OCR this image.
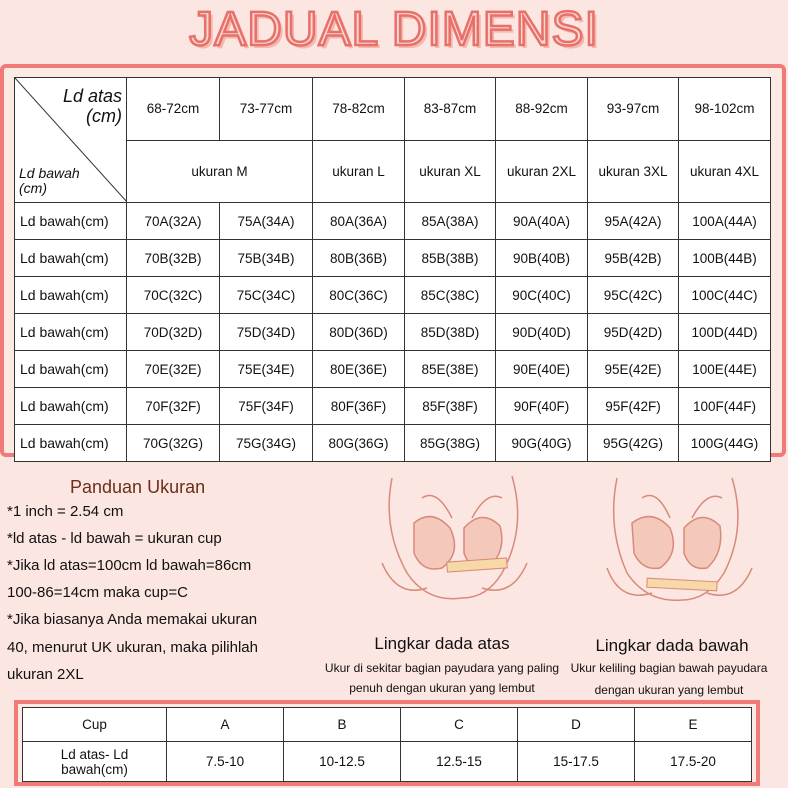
JADUAL DIMENSI
Ld atas
(cm)
Ld bawah
(cm)	68-72cm	73-77cm	78-82cm	83-87cm	88-92cm	93-97cm	98-102cm
	ukuran M		ukuran L	ukuran XL	ukuran 2XL	ukuran 3XL	ukuran 4XL
Ld bawah(cm)	70A(32A)	75A(34A)	80A(36A)	85A(38A)	90A(40A)	95A(42A)	100A(44A)
Ld bawah(cm)	70B(32B)	75B(34B)	80B(36B)	85B(38B)	90B(40B)	95B(42B)	100B(44B)
Ld bawah(cm)	70C(32C)	75C(34C)	80C(36C)	85C(38C)	90C(40C)	95C(42C)	100C(44C)
Ld bawah(cm)	70D(32D)	75D(34D)	80D(36D)	85D(38D)	90D(40D)	95D(42D)	100D(44D)
Ld bawah(cm)	70E(32E)	75E(34E)	80E(36E)	85E(38E)	90E(40E)	95E(42E)	100E(44E)
Ld bawah(cm)	70F(32F)	75F(34F)	80F(36F)	85F(38F)	90F(40F)	95F(42F)	100F(44F)
Ld bawah(cm)	70G(32G)	75G(34G)	80G(36G)	85G(38G)	90G(40G)	95G(42G)	100G(44G)
Panduan Ukuran
*1 inch = 2.54 cm
*ld atas - ld bawah = ukuran cup
*Jika ld atas=100cm ld bawah=86cm
100-86=14cm maka cup=C
*Jika biasanya Anda memakai ukuran
40, menurut UK ukuran, maka pilihlah
ukuran 2XL
Lingkar dada atas
Ukur di sekitar bagian payudara yang paling
penuh dengan ukuran yang lembut
Lingkar dada bawah
Ukur keliling bagian bawah payudara
dengan ukuran yang lembut
Cup	A	B	C	D	E

Ld atas- Ld
bawah(cm)	7.5-10	10-12.5	12.5-15	15-17.5	17.5-20
